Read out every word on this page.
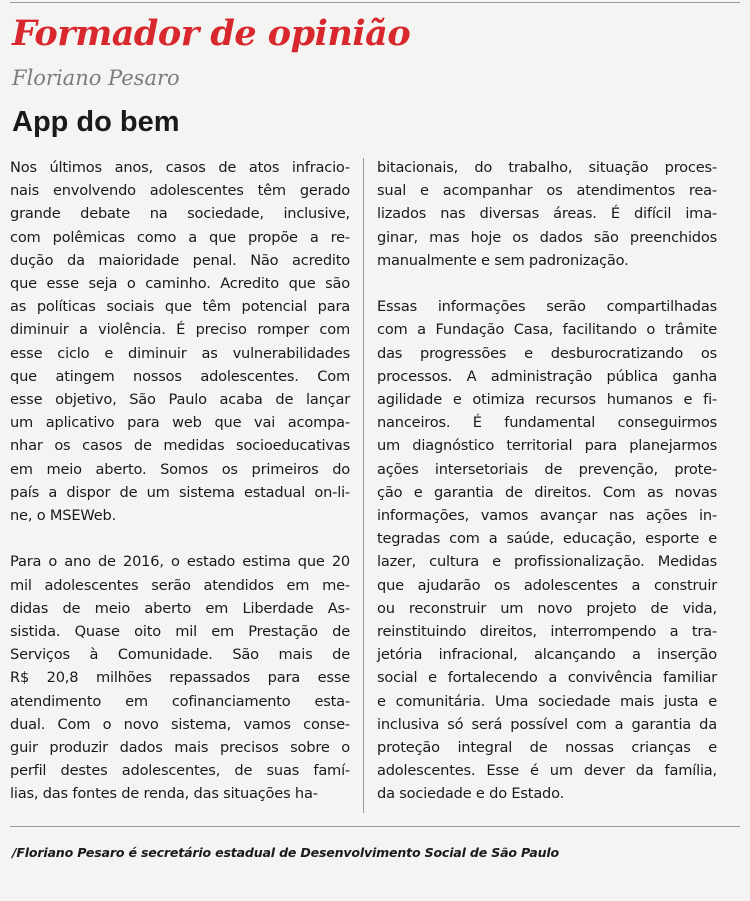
Formador de opinião

Floriano Pesaro

App do bem

Nos últimos anos, casos de atos infracio-
nais envolvendo adolescentes têm gerado
grande debate na sociedade, inclusive,
com polêmicas como a que propõe a re-
dução da maioridade penal. Não acredito
que esse seja o caminho. Acredito que são
as políticas sociais que têm potencial para
diminuir a violência. É preciso romper com
esse ciclo e diminuir as vulnerabilidades
que atingem nossos adolescentes. Com
esse objetivo, São Paulo acaba de lançar
um aplicativo para web que vai acompa-
nhar os casos de medidas socioeducativas
em meio aberto. Somos os primeiros do
país a dispor de um sistema estadual on-li-
ne, o MSEWeb.

Para o ano de 2016, o estado estima que 20
mil adolescentes serão atendidos em me-
didas de meio aberto em Liberdade As-
sistida. Quase oito mil em Prestação de
Serviços à Comunidade. São mais de
R$ 20,8 milhões repassados para esse
atendimento em cofinanciamento esta-
dual. Com o novo sistema, vamos conse-
guir produzir dados mais precisos sobre o
perfil destes adolescentes, de suas famí-
lias, das fontes de renda, das situações ha-

bitacionais, do trabalho, situação proces-
sual e acompanhar os atendimentos rea-
lizados nas diversas áreas. É difícil ima-
ginar, mas hoje os dados são preenchidos
manualmente e sem padronização.

Essas informações serão compartilhadas
com a Fundação Casa, facilitando o trâmite
das progressões e desburocratizando os
processos. A administração pública ganha
agilidade e otimiza recursos humanos e fi-
nanceiros. É fundamental conseguirmos
um diagnóstico territorial para planejarmos
ações intersetoriais de prevenção, prote-
ção e garantia de direitos. Com as novas
informações, vamos avançar nas ações in-
tegradas com a saúde, educação, esporte e
lazer, cultura e profissionalização. Medidas
que ajudarão os adolescentes a construir
ou reconstruir um novo projeto de vida,
reinstituindo direitos, interrompendo a tra-
jetória infracional, alcançando a inserção
social e fortalecendo a convivência familiar
e comunitária. Uma sociedade mais justa e
inclusiva só será possível com a garantia da
proteção integral de nossas crianças e
adolescentes. Esse é um dever da família,
da sociedade e do Estado.

/Floriano Pesaro é secretário estadual de Desenvolvimento Social de São Paulo
